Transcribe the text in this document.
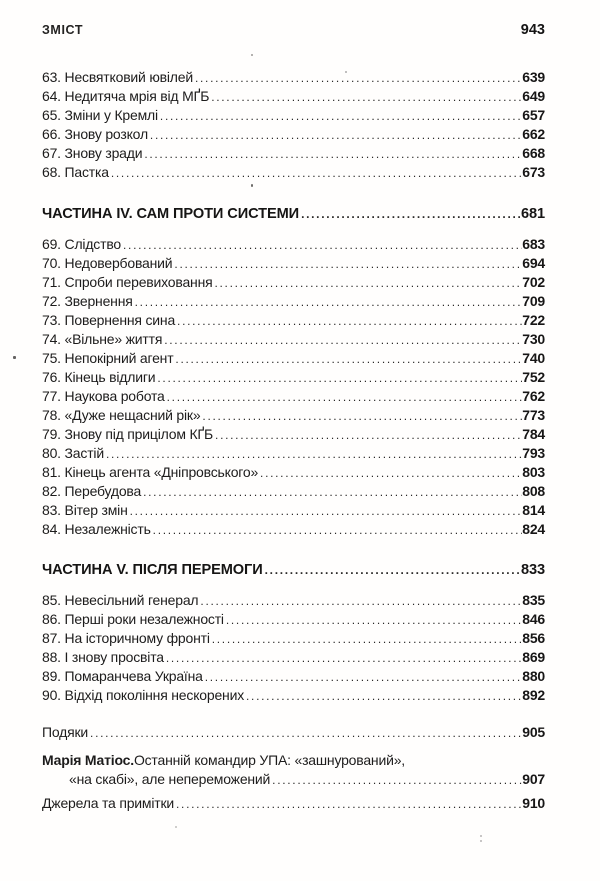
ЗМІСТ	943
63. Несвятковий ювілей .....	639
64. Недитяча мрія від МҐБ .....	649
65. Зміни у Кремлі .....	657
66. Знову розкол .....	662
67. Знову зради .....	668
68. Пастка .....	673
ЧАСТИНА IV. САМ ПРОТИ СИСТЕМИ .....	681
69. Слідство .....	683
70. Недовербований .....	694
71. Спроби перевиховання .....	702
72. Звернення .....	709
73. Повернення сина .....	722
74. «Вільне» життя .....	730
75. Непокірний агент .....	740
76. Кінець відлиги .....	752
77. Наукова робота .....	762
78. «Дуже нещасний рік» .....	773
79. Знову під прицілом КҐБ .....	784
80. Застій .....	793
81. Кінець агента «Дніпровського» .....	803
82. Перебудова .....	808
83. Вітер змін .....	814
84. Незалежність .....	824
ЧАСТИНА V. ПІСЛЯ ПЕРЕМОГИ .....	833
85. Невесільний генерал .....	835
86. Перші роки незалежності .....	846
87. На історичному фронті .....	856
88. І знову просвіта .....	869
89. Помаранчева Україна .....	880
90. Відхід покоління нескорених .....	892
Подяки .....	905
Марія Матіос. Останній командир УПА: «зашнурований»,
«на скабі», але непереможений .....	907
Джерела та примітки .....	910
